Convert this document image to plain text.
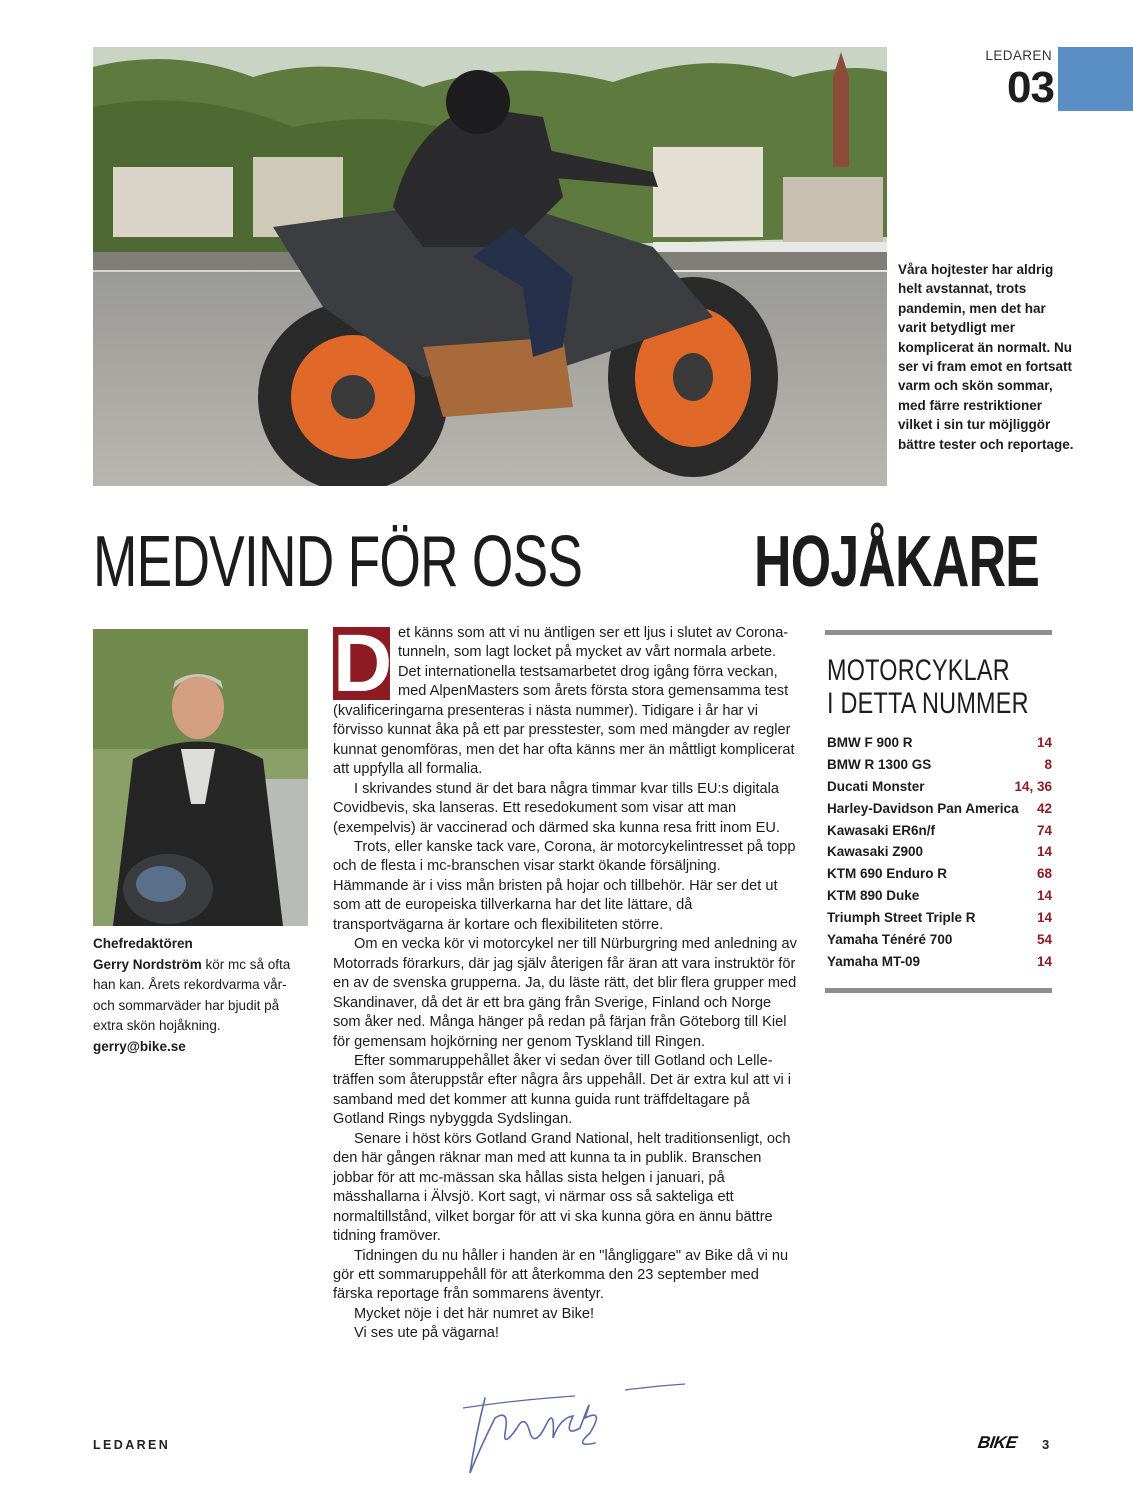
LEDAREN
03
Våra hojtester har aldrig helt avstannat, trots pandemin, men det har varit betydligt mer komplicerat än normalt. Nu ser vi fram emot en fortsatt varm och skön sommar, med färre restriktioner vilket i sin tur möjliggör bättre tester och reportage.
MEDVIND FÖR OSS HOJÅKARE
Chefredaktören
Gerry Nordström kör mc så ofta han kan. Årets rekordvarma vår- och sommarväder har bjudit på extra skön hojåkning.
gerry@bike.se

D et känns som att vi nu äntligen ser ett ljus i slutet av Corona-tunneln, som lagt locket på mycket av vårt normala arbete. Det internationella testsamarbetet drog igång förra veckan, med AlpenMasters som årets första stora gemensamma test (kvalificeringarna presenteras i nästa nummer). Tidigare i år har vi förvisso kunnat åka på ett par presstester, som med mängder av regler kunnat genomföras, men det har ofta känns mer än måttligt komplicerat att uppfylla all formalia.

I skrivandes stund är det bara några timmar kvar tills EU:s digitala Covidbevis, ska lanseras. Ett resedokument som visar att man (exempelvis) är vaccinerad och därmed ska kunna resa fritt inom EU.

Trots, eller kanske tack vare, Corona, är motorcykelintresset på topp och de flesta i mc-branschen visar starkt ökande försäljning. Hämmande är i viss mån bristen på hojar och tillbehör. Här ser det ut som att de europeiska tillverkarna har det lite lättare, då transportvägarna är kortare och flexibiliteten större.

Om en vecka kör vi motorcykel ner till Nürburgring med anledning av Motorrads förarkurs, där jag själv återigen får äran att vara instruktör för en av de svenska grupperna. Ja, du läste rätt, det blir flera grupper med Skandinaver, då det är ett bra gäng från Sverige, Finland och Norge som åker ned. Många hänger på redan på färjan från Göteborg till Kiel för gemensam hojkörning ner genom Tyskland till Ringen.

Efter sommaruppehållet åker vi sedan över till Gotland och Lelle-träffen som återuppstår efter några års uppehåll. Det är extra kul att vi i samband med det kommer att kunna guida runt träffdeltagare på Gotland Rings nybyggda Sydslingan.

Senare i höst körs Gotland Grand National, helt traditionsenligt, och den här gången räknar man med att kunna ta in publik. Branschen jobbar för att mc-mässan ska hållas sista helgen i januari, på mässhallarna i Älvsjö. Kort sagt, vi närmar oss så sakteliga ett normaltillstånd, vilket borgar för att vi ska kunna göra en ännu bättre tidning framöver.

Tidningen du nu håller i handen är en "långliggare" av Bike då vi nu gör ett sommaruppehåll för att återkomma den 23 september med färska reportage från sommarens äventyr.

Mycket nöje i det här numret av Bike!

Vi ses ute på vägarna!

MOTORCYKLAR
I DETTA NUMMER
BMW F 900 R	14
BMW R 1300 GS	8
Ducati Monster	14, 36
Harley-Davidson Pan America 42
Kawasaki ER6n/f	74
Kawasaki Z900	14
KTM 690 Enduro R	68
KTM 890 Duke	14
Triumph Street Triple R	14
Yamaha Ténéré 700	54
Yamaha MT-09	14
LEDAREN	BIKE 3
